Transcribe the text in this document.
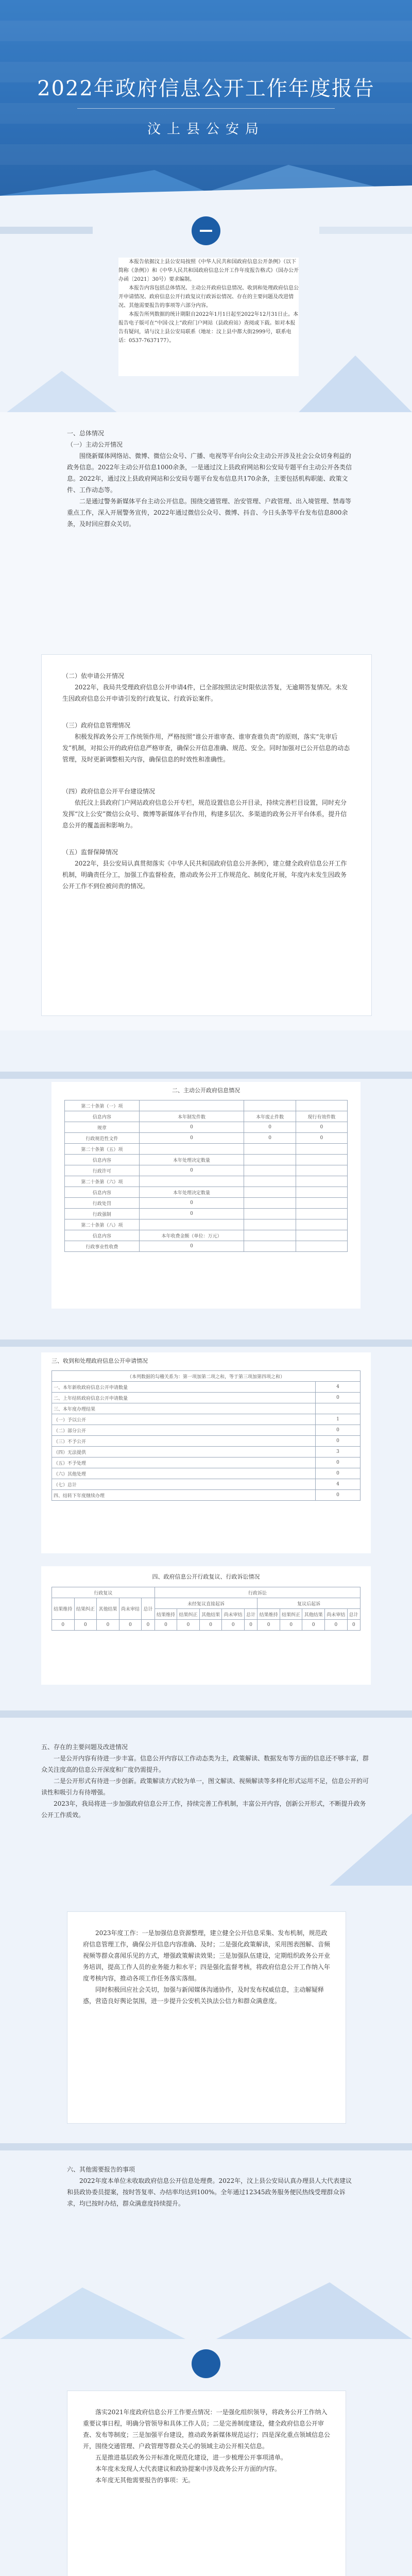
2022年政府信息公开工作年度报告
汶上县公安局

本报告依据汶上县公安局按照《中华人民共和国政府信息公开条例》（以下简称《条例》）和《中华人民共和国政府信息公开工作年度报告格式》（国办公开办函〔2021〕30号）要求编制。

本报告内容包括总体情况、主动公开政府信息情况、收到和处理政府信息公开申请情况、政府信息公开行政复议行政诉讼情况、存在的主要问题及改进情况、其他需要报告的事项等六部分内容。

本报告所列数据的统计期限自2022年1月1日起至2022年12月31日止。本报告电子版可在“中国·汶上”政府门户网站（县政府站）查阅或下载。如对本报告有疑问，请与汶上县公安局联系（地址：汶上县中都大街2999号，联系电话：0537-7637177）。

一、总体情况

（一）主动公开情况

围绕新媒体网络站、微博、微信公众号、广播、电视等平台向公众主动公开涉及社会公众切身利益的政务信息。2022年主动公开信息1000余条，一是通过汶上县政府网站和公安局专题平台主动公开各类信息。2022年，通过汶上县政府网站和公安局专题平台发布信息共170余条，主要包括机构职能、政策文件、工作动态等。

二是通过警务新媒体平台主动公开信息。围绕交通管理、治安管理、户政管理、出入境管理、禁毒等重点工作，深入开展警务宣传，2022年通过微信公众号、微博、抖音、今日头条等平台发布信息800余条，及时回应群众关切。

（二）依申请公开情况

2022年，我局共受理政府信息公开申请4件，已全部按照法定时限依法答复，无逾期答复情况。未发生因政府信息公开申请引发的行政复议、行政诉讼案件。

（三）政府信息管理情况

积极发挥政务公开工作统领作用，严格按照“谁公开谁审查、谁审查谁负责”的原则，落实“先审后发”机制，对拟公开的政府信息严格审查，确保公开信息准确、规范、安全。同时加强对已公开信息的动态管理，及时更新调整相关内容，确保信息的时效性和准确性。

（四）政府信息公开平台建设情况

依托汶上县政府门户网站政府信息公开专栏，规范设置信息公开目录，持续完善栏目设置，同时充分发挥“汶上公安”微信公众号、微博等新媒体平台作用，构建多层次、多渠道的政务公开平台体系，提升信息公开的覆盖面和影响力。

（五）监督保障情况

2022年，县公安局认真贯彻落实《中华人民共和国政府信息公开条例》，建立健全政府信息公开工作机制，明确责任分工，加强工作监督检查，推动政务公开工作规范化、制度化开展，年度内未发生因政务公开工作不到位被问责的情况。

二、主动公开政府信息情况
第二十条第（一）项			
信息内容	本年制发件数	本年废止件数	现行有效件数
规章	0	0	0
行政规范性文件	0	0	0
第二十条第（五）项			
信息内容	本年处理决定数量		
行政许可	0		
第二十条第（六）项			
信息内容	本年处理决定数量		
行政处罚	0		
行政强制	0		
第二十条第（八）项			
信息内容	本年收费金额（单位：万元）		
行政事业性收费	0		
三、收到和处理政府信息公开申请情况
（本列数据的勾稽关系为：第一项加第二项之和，等于第三项加第四项之和）	
一、本年新收政府信息公开申请数量	4
二、上年结转政府信息公开申请数量	0
三、本年度办理结果	
（一）予以公开	1
（二）部分公开	0
（三）不予公开	0
（四）无法提供	3
（五）不予处理	0
（六）其他处理	0
（七）总计	4
四、结转下年度继续办理	0
四、政府信息公开行政复议、行政诉讼情况
行政复议					行政诉讼									
结果维持	结果纠正	其他结果	尚未审结	总计	未经复议直接起诉					复议后起诉				
					结果维持	结果纠正	其他结果	尚未审结	总计	结果维持	结果纠正	其他结果	尚未审结	总计
0	0	0	0	0	0	0	0	0	0	0	0	0	0	0

五、存在的主要问题及改进情况

一是公开内容有待进一步丰富。信息公开内容以工作动态类为主，政策解读、数据发布等方面的信息还不够丰富，群众关注度高的信息公开深度和广度仍需提升。

二是公开形式有待进一步创新。政策解读方式较为单一，图文解读、视频解读等多样化形式运用不足，信息公开的可读性和吸引力有待增强。

2023年，我局将进一步加强政府信息公开工作，持续完善工作机制，丰富公开内容，创新公开形式，不断提升政务公开工作质效。

2023年度工作：一是加强信息资源整理，建立健全公开信息采集、发布机制，规范政府信息管理工作，确保公开信息内容准确、及时；二是强化政策解读，采用图表图解、音频视频等群众喜闻乐见的方式，增强政策解读效果；三是加强队伍建设，定期组织政务公开业务培训，提高工作人员的业务能力和水平；四是强化监督考核，将政府信息公开工作纳入年度考核内容，推动各项工作任务落实落细。

同时积极回应社会关切，加强与新闻媒体沟通协作，及时发布权威信息，主动解疑释惑，营造良好舆论氛围，进一步提升公安机关执法公信力和群众满意度。

六、其他需要报告的事项

2022年度本单位未收取政府信息公开信息处理费。2022年，汶上县公安局认真办理县人大代表建议和县政协委员提案，按时答复率、办结率均达到100%。全年通过12345政务服务便民热线受理群众诉求，均已按时办结，群众满意度持续提升。

落实2021年度政府信息公开工作要点情况：一是强化组织领导，将政务公开工作纳入重要议事日程，明确分管领导和具体工作人员；二是完善制度建设，健全政府信息公开审查、发布等制度；三是加强平台建设，推动政务新媒体规范运行；四是深化重点领域信息公开，围绕交通管理、户政管理等群众关心的领域主动公开相关信息。

五是推进基层政务公开标准化规范化建设，进一步梳理公开事项清单。

本年度未发现人大代表建议和政协提案中涉及政务公开方面的内容。

本年度无其他需要报告的事项：无。
